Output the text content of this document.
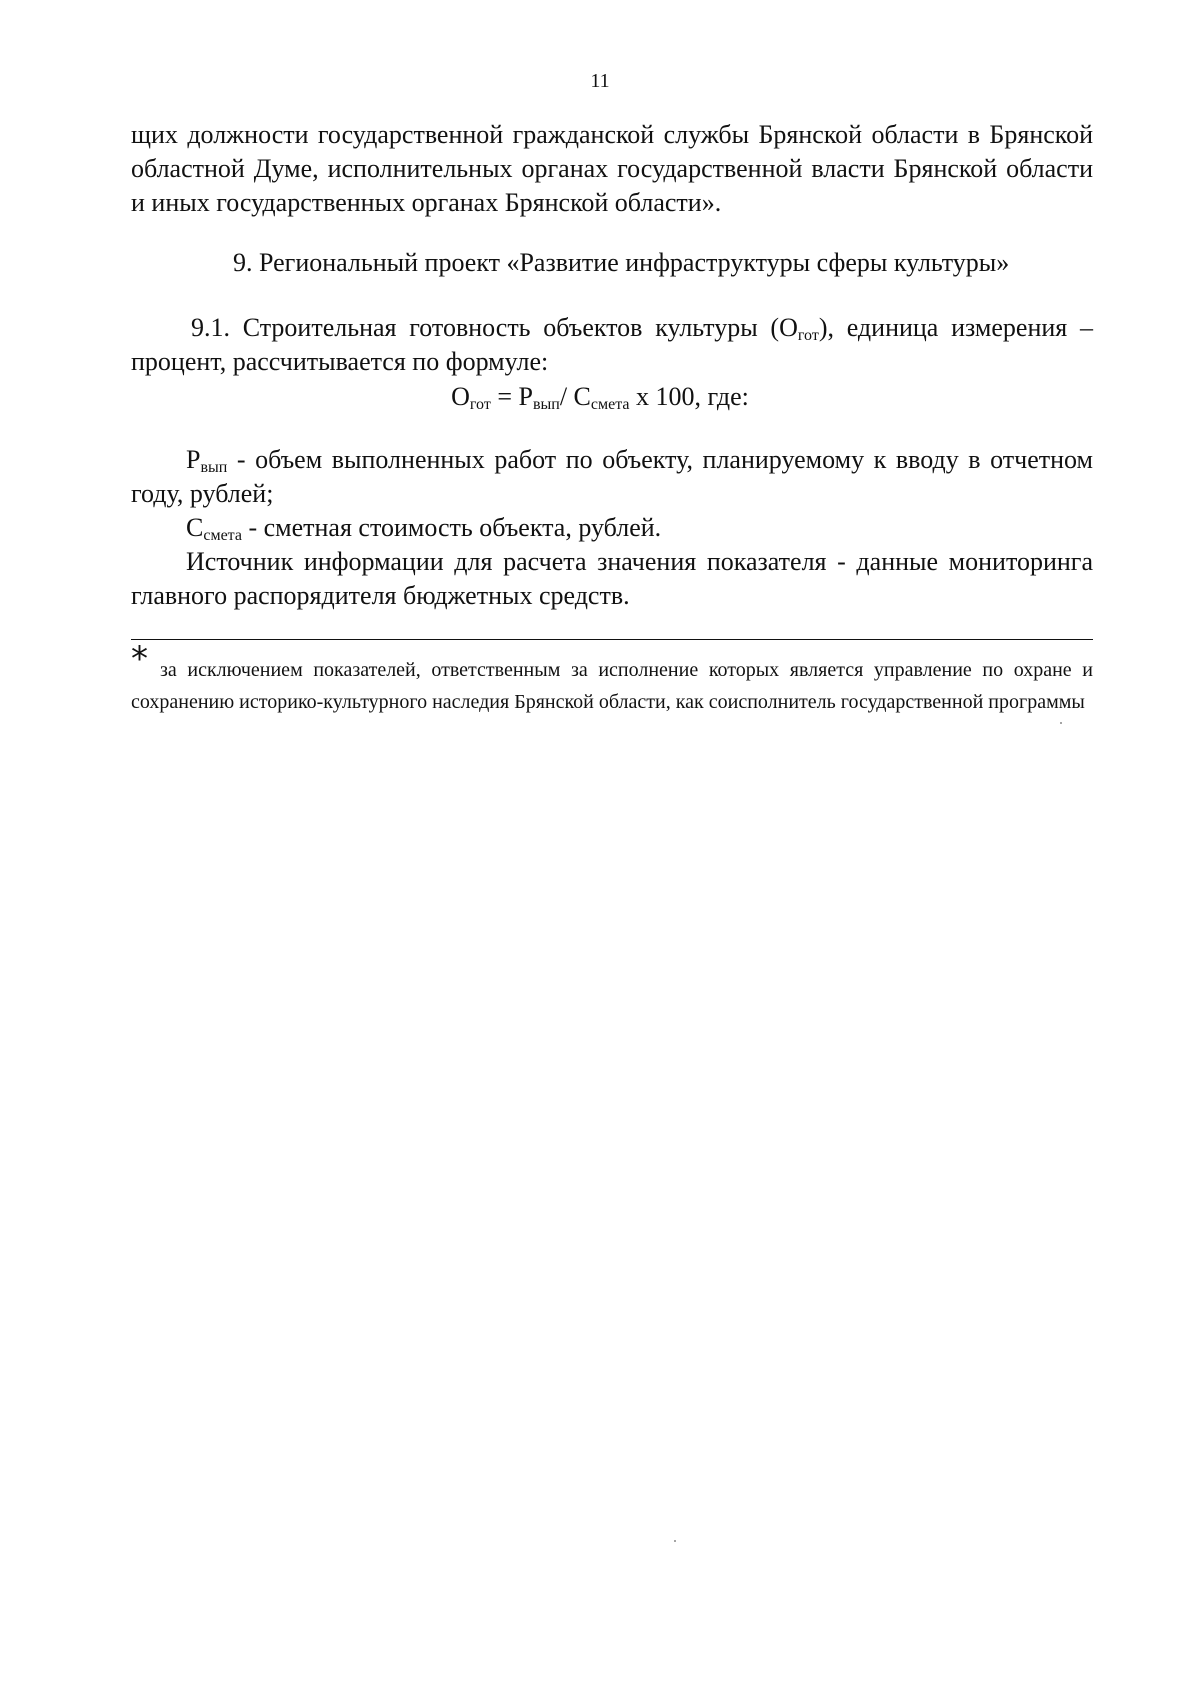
11

щих должности государственной гражданской службы Брянской области в Брянской областной Думе, исполнительных органах государственной власти Брянской области и иных государственных органах Брянской области».

9. Региональный проект «Развитие инфраструктуры сферы культуры»

9.1. Строительная готовность объектов культуры $(О_{гот})$, единица измерения – процент, рассчитывается по формуле:

$О_{гот} = Р_{вып}/$ $С_{смета}$ х 100, где:

$Р_{вып}$ - объем выполненных работ по объекту, планируемому к вводу в отчетном году, рублей;

$С_{смета}$ - сметная стоимость объекта, рублей.

Источник информации для расчета значения показателя - данные мониторинга главного распорядителя бюджетных средств.

* за исключением показателей, ответственным за исполнение которых является управление по охране и сохранению историко-культурного наследия Брянской области, как соисполнитель государственной программы
